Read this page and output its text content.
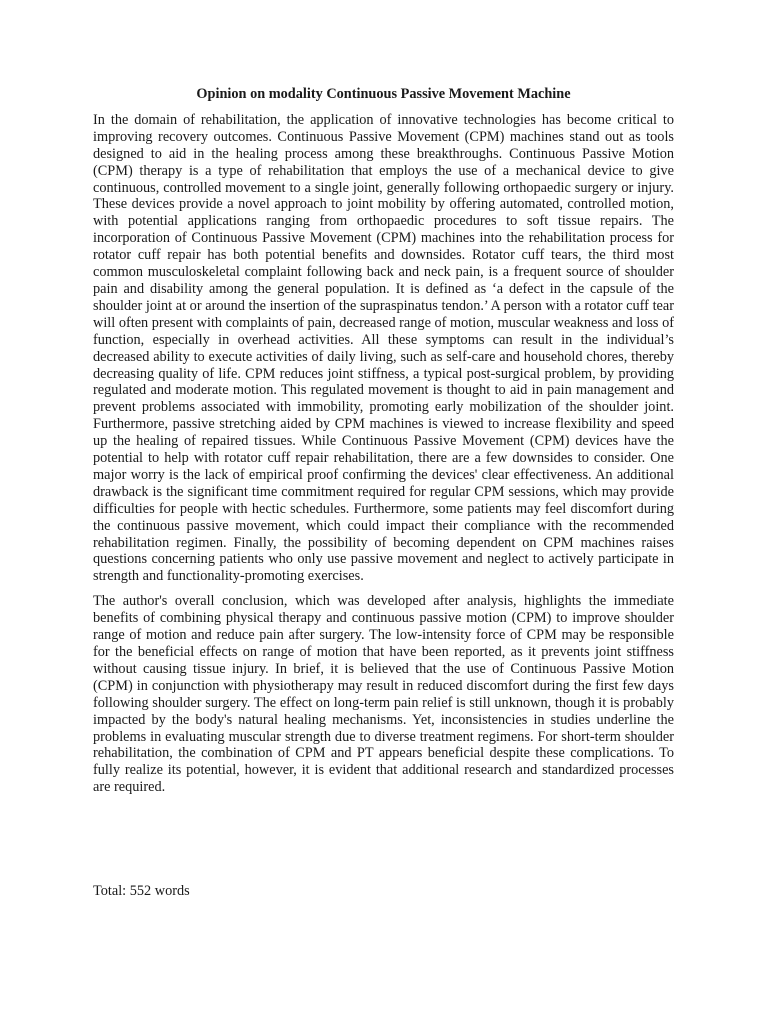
Opinion on modality Continuous Passive Movement Machine

In the domain of rehabilitation, the application of innovative technologies has become critical to improving recovery outcomes. Continuous Passive Movement (CPM) machines stand out as tools designed to aid in the healing process among these breakthroughs. Continuous Passive Motion (CPM) therapy is a type of rehabilitation that employs the use of a mechanical device to give continuous, controlled movement to a single joint, generally following orthopaedic surgery or injury. These devices provide a novel approach to joint mobility by offering automated, controlled motion, with potential applications ranging from orthopaedic procedures to soft tissue repairs. The incorporation of Continuous Passive Movement (CPM) machines into the rehabilitation process for rotator cuff repair has both potential benefits and downsides. Rotator cuff tears, the third most common musculoskeletal complaint following back and neck pain, is a frequent source of shoulder pain and disability among the general population. It is defined as ‘a defect in the capsule of the shoulder joint at or around the insertion of the supraspinatus tendon.’ A person with a rotator cuff tear will often present with complaints of pain, decreased range of motion, muscular weakness and loss of function, especially in overhead activities. All these symptoms can result in the individual’s decreased ability to execute activities of daily living, such as self-care and household chores, thereby decreasing quality of life. CPM reduces joint stiffness, a typical post-surgical problem, by providing regulated and moderate motion. This regulated movement is thought to aid in pain management and prevent problems associated with immobility, promoting early mobilization of the shoulder joint. Furthermore, passive stretching aided by CPM machines is viewed to increase flexibility and speed up the healing of repaired tissues. While Continuous Passive Movement (CPM) devices have the potential to help with rotator cuff repair rehabilitation, there are a few downsides to consider. One major worry is the lack of empirical proof confirming the devices' clear effectiveness. An additional drawback is the significant time commitment required for regular CPM sessions, which may provide difficulties for people with hectic schedules. Furthermore, some patients may feel discomfort during the continuous passive movement, which could impact their compliance with the recommended rehabilitation regimen. Finally, the possibility of becoming dependent on CPM machines raises questions concerning patients who only use passive movement and neglect to actively participate in strength and functionality-promoting exercises.

The author's overall conclusion, which was developed after analysis, highlights the immediate benefits of combining physical therapy and continuous passive motion (CPM) to improve shoulder range of motion and reduce pain after surgery. The low-intensity force of CPM may be responsible for the beneficial effects on range of motion that have been reported, as it prevents joint stiffness without causing tissue injury. In brief, it is believed that the use of Continuous Passive Motion (CPM) in conjunction with physiotherapy may result in reduced discomfort during the first few days following shoulder surgery. The effect on long-term pain relief is still unknown, though it is probably impacted by the body's natural healing mechanisms. Yet, inconsistencies in studies underline the problems in evaluating muscular strength due to diverse treatment regimens. For short-term shoulder rehabilitation, the combination of CPM and PT appears beneficial despite these complications. To fully realize its potential, however, it is evident that additional research and standardized processes are required.

Total: 552 words
